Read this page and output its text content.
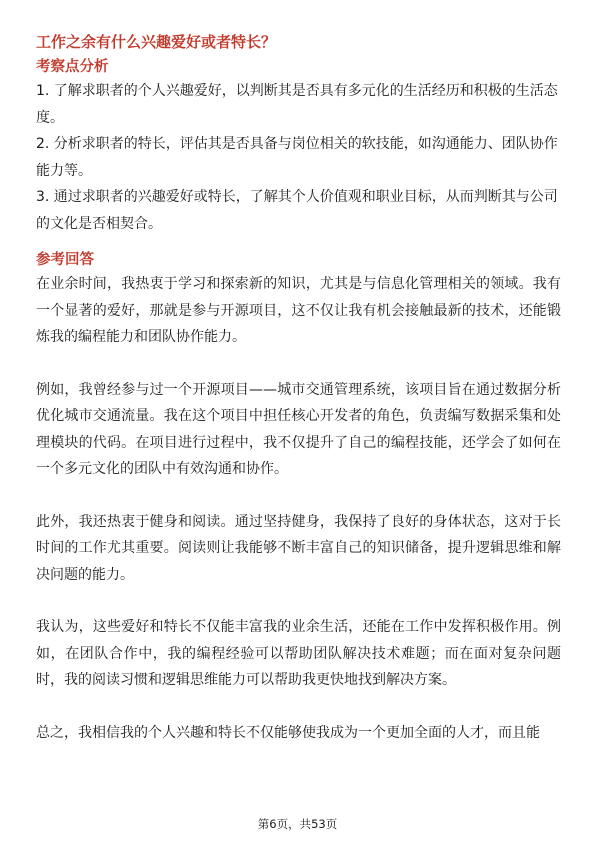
工作之余有什么兴趣爱好或者特长？
考察点分析

1. 了解求职者的个人兴趣爱好，以判断其是否具有多元化的生活经历和积极的生活态度。

2. 分析求职者的特长，评估其是否具备与岗位相关的软技能，如沟通能力、团队协作能力等。

3. 通过求职者的兴趣爱好或特长，了解其个人价值观和职业目标，从而判断其与公司的文化是否相契合。

参考回答

在业余时间，我热衷于学习和探索新的知识，尤其是与信息化管理相关的领域。我有一个显著的爱好，那就是参与开源项目，这不仅让我有机会接触最新的技术，还能锻炼我的编程能力和团队协作能力。

例如，我曾经参与过一个开源项目——城市交通管理系统，该项目旨在通过数据分析优化城市交通流量。我在这个项目中担任核心开发者的角色，负责编写数据采集和处理模块的代码。在项目进行过程中，我不仅提升了自己的编程技能，还学会了如何在一个多元文化的团队中有效沟通和协作。

此外，我还热衷于健身和阅读。通过坚持健身，我保持了良好的身体状态，这对于长时间的工作尤其重要。阅读则让我能够不断丰富自己的知识储备，提升逻辑思维和解决问题的能力。

我认为，这些爱好和特长不仅能丰富我的业余生活，还能在工作中发挥积极作用。例如，在团队合作中，我的编程经验可以帮助团队解决技术难题；而在面对复杂问题时，我的阅读习惯和逻辑思维能力可以帮助我更快地找到解决方案。

总之，我相信我的个人兴趣和特长不仅能够使我成为一个更加全面的人才，而且能

第6页，共53页
